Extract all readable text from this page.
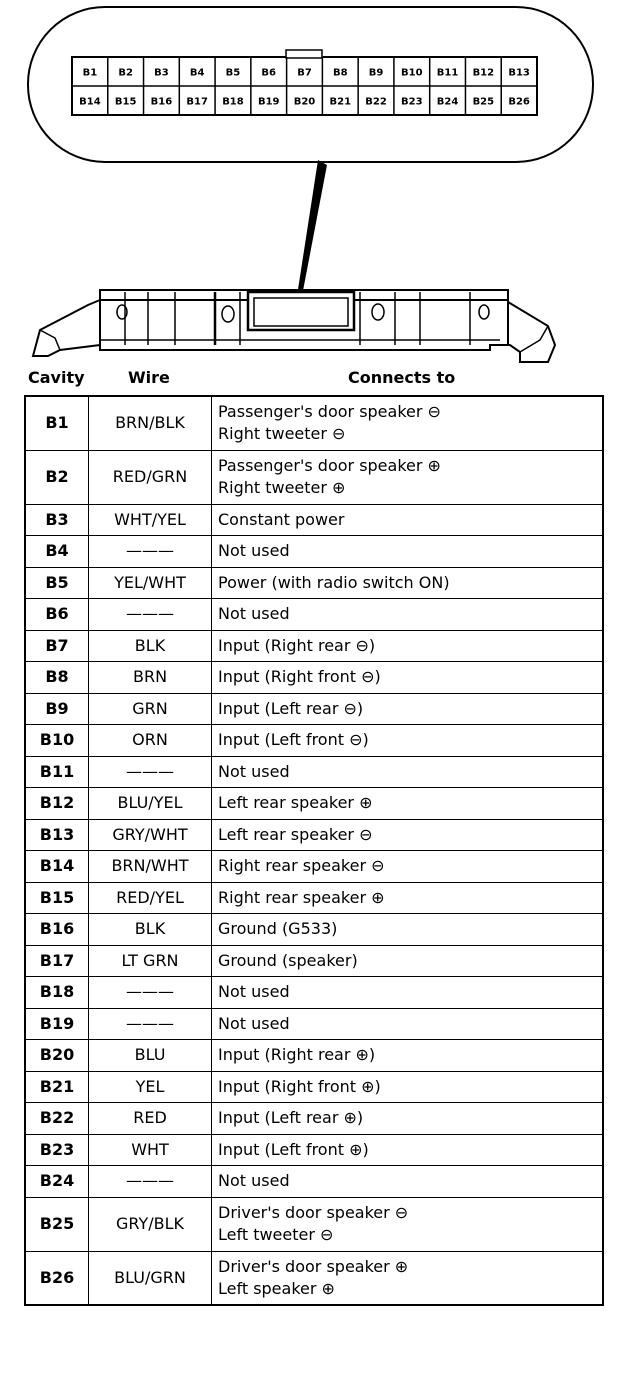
B1 B2 B3 B4 B5 B6 B7 B8 B9 B10 B11 B12 B13
B14 B15 B16 B17 B18 B19 B20 B21 B22 B23 B24 B25 B26
Cavity	Wire	Connects to
B1	BRN/BLK	Passenger's door speaker ⊖
Right tweeter ⊖
B2	RED/GRN	Passenger's door speaker ⊕
Right tweeter ⊕
B3	WHT/YEL	Constant power
B4	———	Not used
B5	YEL/WHT	Power (with radio switch ON)
B6	———	Not used
B7	BLK	Input (Right rear ⊖)
B8	BRN	Input (Right front ⊖)
B9	GRN	Input (Left rear ⊖)
B10	ORN	Input (Left front ⊖)
B11	———	Not used
B12	BLU/YEL	Left rear speaker ⊕
B13	GRY/WHT	Left rear speaker ⊖
B14	BRN/WHT	Right rear speaker ⊖
B15	RED/YEL	Right rear speaker ⊕
B16	BLK	Ground (G533)
B17	LT GRN	Ground (speaker)
B18	———	Not used
B19	———	Not used
B20	BLU	Input (Right rear ⊕)
B21	YEL	Input (Right front ⊕)
B22	RED	Input (Left rear ⊕)
B23	WHT	Input (Left front ⊕)
B24	———	Not used
B25	GRY/BLK	Driver's door speaker ⊖
Left tweeter ⊖
B26	BLU/GRN	Driver's door speaker ⊕
Left speaker ⊕
